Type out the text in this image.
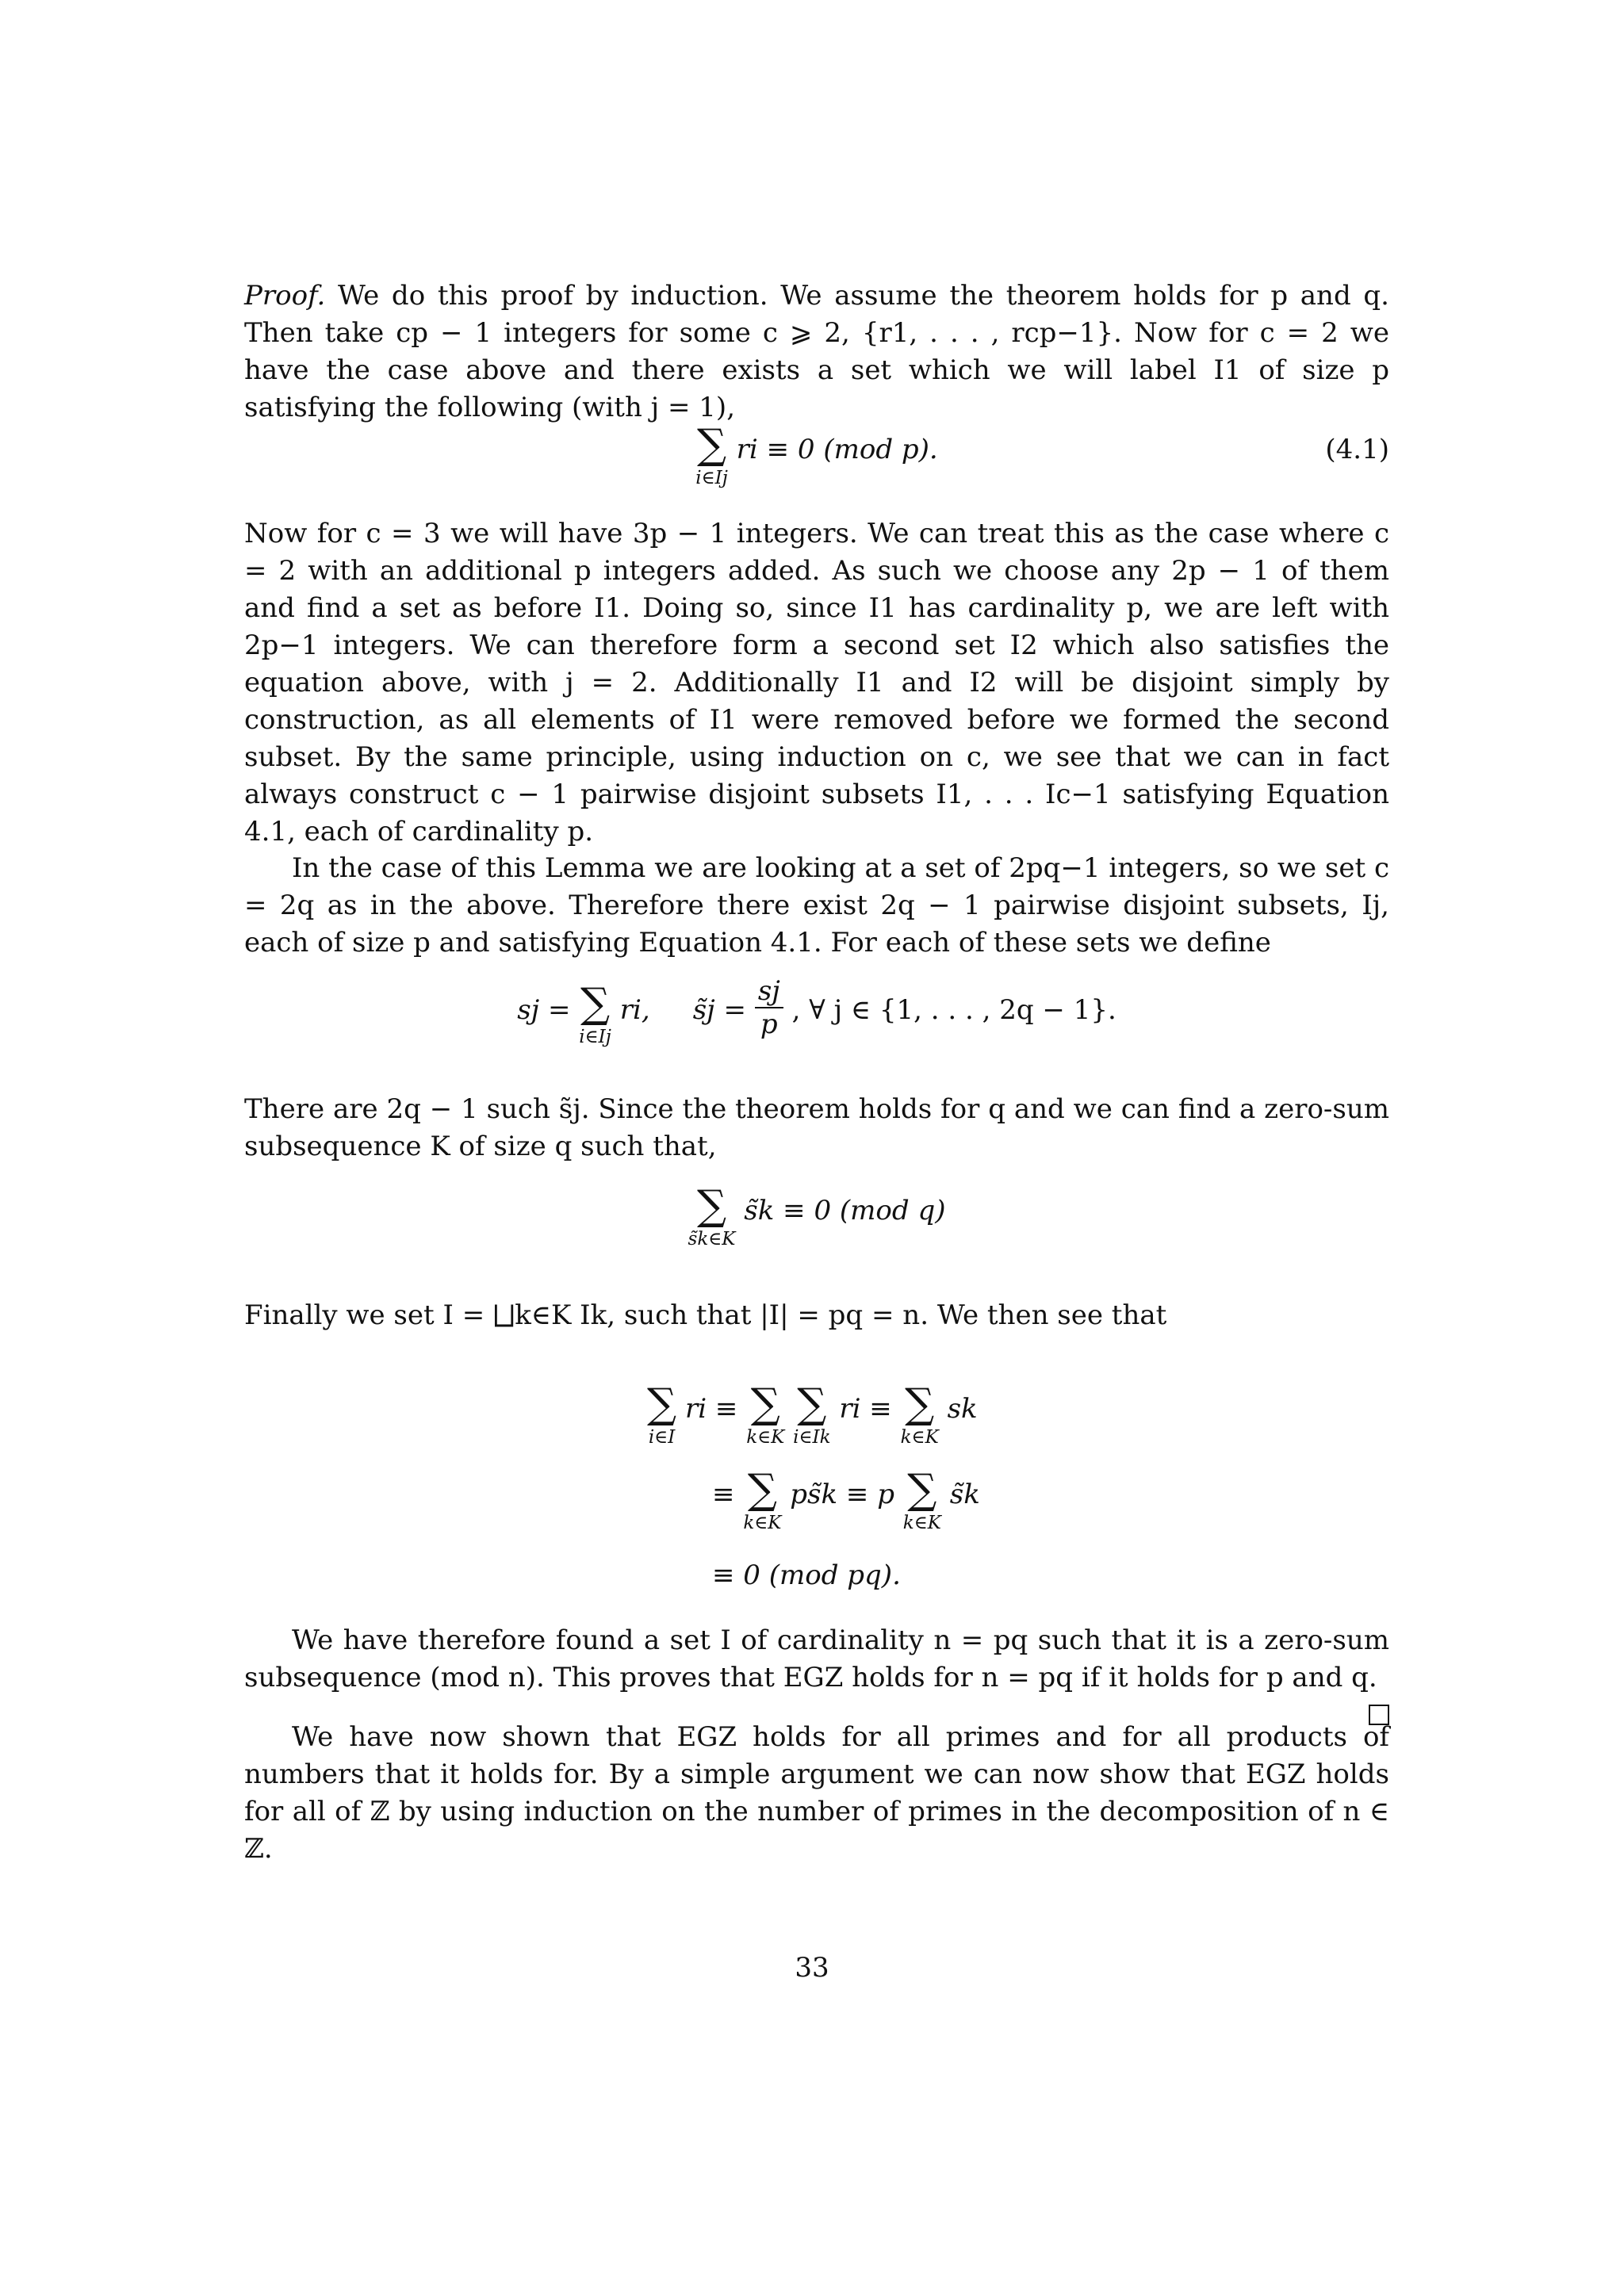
Proof. We do this proof by induction. We assume the theorem holds for p and q. Then take cp − 1 integers for some c ⩾ 2, {r1, . . . , rcp−1}. Now for c = 2 we have the case above and there exists a set which we will label I1 of size p satisfying the following (with j = 1),

∑
i∈Ij
ri ≡ 0 (mod p).	(4.1)

Now for c = 3 we will have 3p − 1 integers. We can treat this as the case where c = 2 with an additional p integers added. As such we choose any 2p − 1 of them and find a set as before I1. Doing so, since I1 has cardinality p, we are left with 2p−1 integers. We can therefore form a second set I2 which also satisfies the equation above, with j = 2. Additionally I1 and I2 will be disjoint simply by construction, as all elements of I1 were removed before we formed the second subset. By the same principle, using induction on c, we see that we can in fact always construct c − 1 pairwise disjoint subsets I1, . . . Ic−1 satisfying Equation 4.1, each of cardinality p.

In the case of this Lemma we are looking at a set of 2pq−1 integers, so we set c = 2q as in the above. Therefore there exist 2q − 1 pairwise disjoint subsets, Ij, each of size p and satisfying Equation 4.1. For each of these sets we define

sj = ∑
i∈Ij
ri, s̃j = $\frac{sj}{p}$ , ∀ j ∈ {1, . . . , 2q − 1}.

There are 2q − 1 such s̃j. Since the theorem holds for q and we can find a zero-sum subsequence K of size q such that,

∑
s̃k∈K
s̃k ≡ 0 (mod q)

Finally we set I = ⨆k∈K Ik, such that |I| = pq = n. We then see that

∑
i∈I
ri ≡ ∑
k∈K

∑
i∈Ik
ri ≡ ∑
k∈K
sk
≡ ∑
k∈K
ps̃k ≡ p ∑
k∈K
s̃k
≡ 0 (mod pq).

We have therefore found a set I of cardinality n = pq such that it is a zero-sum subsequence (mod n). This proves that EGZ holds for n = pq if it holds for p and q.

We have now shown that EGZ holds for all primes and for all products of numbers that it holds for. By a simple argument we can now show that EGZ holds for all of ℤ by using induction on the number of primes in the decomposition of n ∈ ℤ.

33
